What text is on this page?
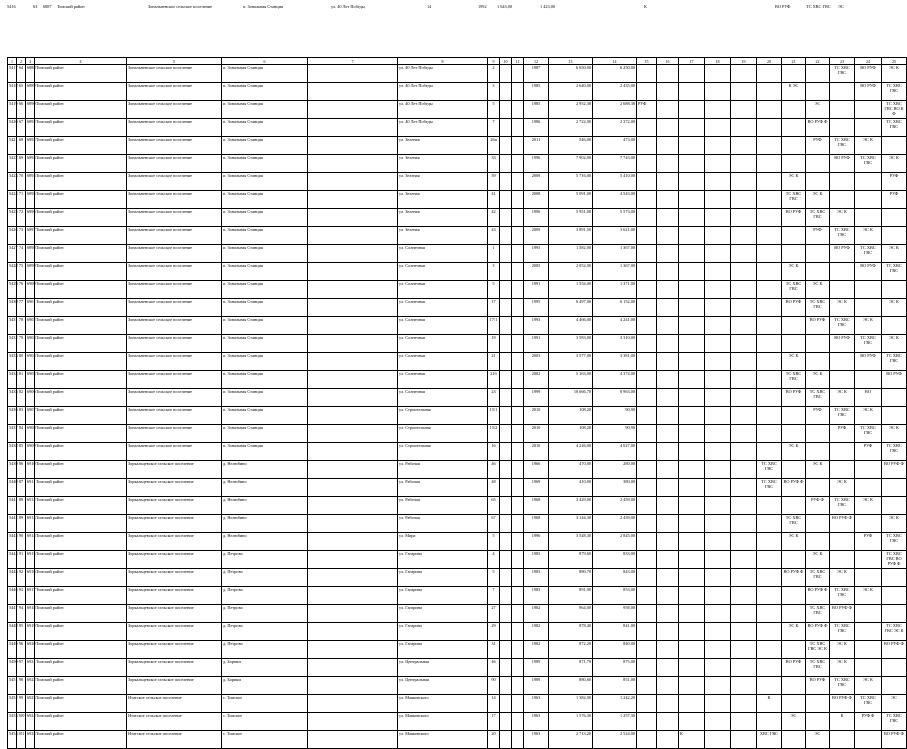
5416	63 6887 Томский район	Зональненское сельское поселение	п. Зональная Станция	ул. 40 Лет Победы	14	1992 1 643,00	1 423,00	К	ВО РУФ	ТС ХВС ГВС ЭС
1	2	3	4	5	6	7	8	9	10	11	12	13	14	15	16	17	18	19	20	21	22	23	24	25
5417	64	6888	Томский район	Зональненское сельское поселение	п. Зональная Станция		ул. 40 Лет Победы	2			1987	6 650,00	6 250,00									ТС ХВС ГВС	ВО РУФ	ЭС К
5418	65	6889	Томский район	Зональненское сельское поселение	п. Зональная Станция		ул. 40 Лет Победы	3			1985	2 640,00	2 435,00							К ЭС			ВО РУФ	ТС ХВС ГВС
5419	66	6890	Томский район	Зональненское сельское поселение	п. Зональная Станция		ул. 40 Лет Победы	5			1985	2 952,38	2 688,38	РУФ							ЭС			ТС ХВС ГВС ВО К Ф
5420	67	6892	Томский район	Зональненское сельское поселение	п. Зональная Станция		ул. 40 Лет Победы	7			1986	2 722,00	2 372,00								ВО РУФ Ф			ТС ХВС ГВС
5421	68	6892	Томский район	Зональненское сельское поселение	п. Зональная Станция		ул. Зеленая	26а			2011	546,00	473,00								РУФ	ТС ХВС ГВС	ЭС К	
5422	69	6893	Томский район	Зональненское сельское поселение	п. Зональная Станция		ул. Зеленая	33			1996	7 902,00	7 743,00									ВО РУФ	ТС ХВС ГВС	ЭС К
5423	70	6894	Томский район	Зональненское сельское поселение	п. Зональная Станция		ул. Зеленая	39			2009	5 716,00	5 410,00							ЭС К				РУФ
5424	71	6895	Томский район	Зональненское сельское поселение	п. Зональная Станция		ул. Зеленая	41			2008	5 091,00	4 543,00							ТС ХВС ГВС	ЭС К			РУФ
5425	72	6896	Томский район	Зональненское сельское поселение	п. Зональная Станция		ул. Зеленая	42			1996	5 951,00	5 573,00							ВО РУФ	ТС ХВС ГВС	ЭС К		
5426	73	6897	Томский район	Зональненское сельское поселение	п. Зональная Станция		ул. Зеленая	43			2009	3 891,50	3 621,00								РУФ	ТС ХВС ГВС	ЭС К	
5427	74	6898	Томский район	Зональненское сельское поселение	п. Зональная Станция		ул. Солнечная	1			1995	1 582,00	1 367,00									ВО РУФ	ТС ХВС ГВС	ЭС К
5428	75	6899	Томский район	Зональненское сельское поселение	п. Зональная Станция		ул. Солнечная	3			2005	2 052,00	1 367,00							ЭС К			ВО РУФ	ТС ХВС ГВС
5429	76	6900	Томский район	Зональненское сельское поселение	п. Зональная Станция		ул. Солнечная	5			1991	1 554,00	1 371,00							ТС ХВС ГВС	ЭС К			
5430	77	6901	Томский район	Зональненское сельское поселение	п. Зональная Станция		ул. Солнечная	17			1995	6 497,00	6 152,00							ВО РУФ	ТС ХВС ГВС	ЭС К		ЭС К
5431	78	6902	Томский район	Зональненское сельское поселение	п. Зональная Станция		ул. Солнечная	17/1			1993	4 466,00	4 241,00								ВО РУФ	ТС ХВС ГВС	ЭС К	
5432	79	6903	Томский район	Зональненское сельское поселение	п. Зональная Станция		ул. Солнечная	19			1991	3 583,00	3 310,00									ВО РУФ	ТС ХВС ГВС	ЭС К
5433	80	6904	Томский район	Зональненское сельское поселение	п. Зональная Станция		ул. Солнечная	21			2003	3 577,00	3 381,00							ЭС К			ВО РУФ	ТС ХВС ГВС
5434	81	6905	Томский район	Зональненское сельское поселение	п. Зональная Станция		ул. Солнечная	21б			2002	5 163,00	4 374,00							ТС ХВС ГВС	ЭС К			ВО РУФ
5435	82	6906	Томский район	Зональненское сельское поселение	п. Зональная Станция		ул. Солнечная	23			1999	10 666,70	8 963,00							ВО РУФ	ТС ХВС ГВС	ЭС К	ВО	
5436	83	6907	Томский район	Зональненское сельское поселение	п. Зональная Станция		ул. Строительная	15/1			2010	108,20	90,90								РУФ	ТС ХВС ГВС	ЭС К	
5437	84	6908	Томский район	Зональненское сельское поселение	п. Зональная Станция		ул. Строительная	15/2			2010	108,20	90,90									РУФ	ТС ХВС ГВС	ЭС К
5438	85	6909	Томский район	Зональненское сельское поселение	п. Зональная Станция		ул. Строительная	16			2010	4 226,00	4 027,00							ЭС К			РУФ	ТС ХВС ГВС
5439	86	6910	Томский район	Зоркальцевское сельское поселение	д. Нелюбино		ул. Рабочая	46			1966	470,00	280,00						ТС ХВС ГВС		ЭС К			ВО РУФ Ф
5440	87	6911	Томский район	Зоркальцевское сельское поселение	д. Нелюбино		ул. Рабочая	48			1969	410,00	380,00						ТС ХВС ГВС	ВО РУФ Ф		ЭС К		
5441	88	6912	Томский район	Зоркальцевское сельское поселение	д. Нелюбино		ул. Рабочая	65			1968	3 429,00	2 459,00								РУФ Ф	ТС ХВС ГВС	ЭС К	
5442	89	6913	Томский район	Зоркальцевское сельское поселение	д. Нелюбино		ул. Рабочая	67			1968	3 144,30	2 439,00							ТС ХВС ГВС		ВО РУФ Ф		ЭС К
5443	90	6914	Томский район	Зоркальцевское сельское поселение	д. Нелюбино		ул. Мира	5			1996	3 548,30	2 845,00							ЭС К			РУФ	ТС ХВС ГВС
5444	91	6915	Томский район	Зоркальцевское сельское поселение	д. Петрово		ул. Гагарина	4			1983	879,60	833,00								ЭС К			ТС ХВС ГВС ВО РУФ Ф
5445	92	6916	Томский район	Зоркальцевское сельское поселение	д. Петрово		ул. Гагарина	5			1983	880,70	843,00							ВО РУФ Ф	ТС ХВС ГВС	ЭС К		
5446	93	6917	Томский район	Зоркальцевское сельское поселение	д. Петрово		ул. Гагарина	7			1983	891,90	853,00								ВО РУФ Ф	ТС ХВС ГВС	ЭС К	
5447	94	6918	Томский район	Зоркальцевское сельское поселение	д. Петрово		ул. Гагарина	27			1982	964,00	958,00								ТС ХВС ГВС	ВО РУФ Ф		
5448	95	6919	Томский район	Зоркальцевское сельское поселение	д. Петрово		ул. Гагарина	29			1982	878,40	841,00							ЭС К	ВО РУФ Ф	ТС ХВС ГВС		ТС ХВС ГВС ЭС К
5449	96	6920	Томский район	Зоркальцевское сельское поселение	д. Петрово		ул. Гагарина	31			1982	872,20	840,00								ТС ХВС ГВС ЭС К	ЭС К		ВО РУФ Ф
5450	97	6921	Томский район	Зоркальцевское сельское поселение	д. Борики		ул. Центральная	46			1989	871,70	875,00							ВО РУФ	ТС ХВС ГВС	ЭС К		
5451	98	6922	Томский район	Зоркальцевское сельское поселение	д. Борики		ул. Центральная	90			1989	880,60	851,00								ВО РУФ	ТС ХВС ГВС	ЭС К	
5452	99	6923	Томский район	Итатское сельское поселение	с. Томское		ул. Маяковского	14			1963	1 382,00	1 242,20						К			ВО РУФ Ф	ТС ХВС ГВС	ЭС
5453	100	6924	Томский район	Итатское сельское поселение	с. Томское		ул. Маяковского	17			1963	1 576,30	1 257,30							ЭС		К	РУФ Ф	ТС ХВС ГВС
5454	101	6925	Томский район	Итатское сельское поселение	с. Томское		ул. Маяковского	20			1963	2 713,20	2 524,00			К			ХВС ГВС		ЭС			ВО РУФ Ф
